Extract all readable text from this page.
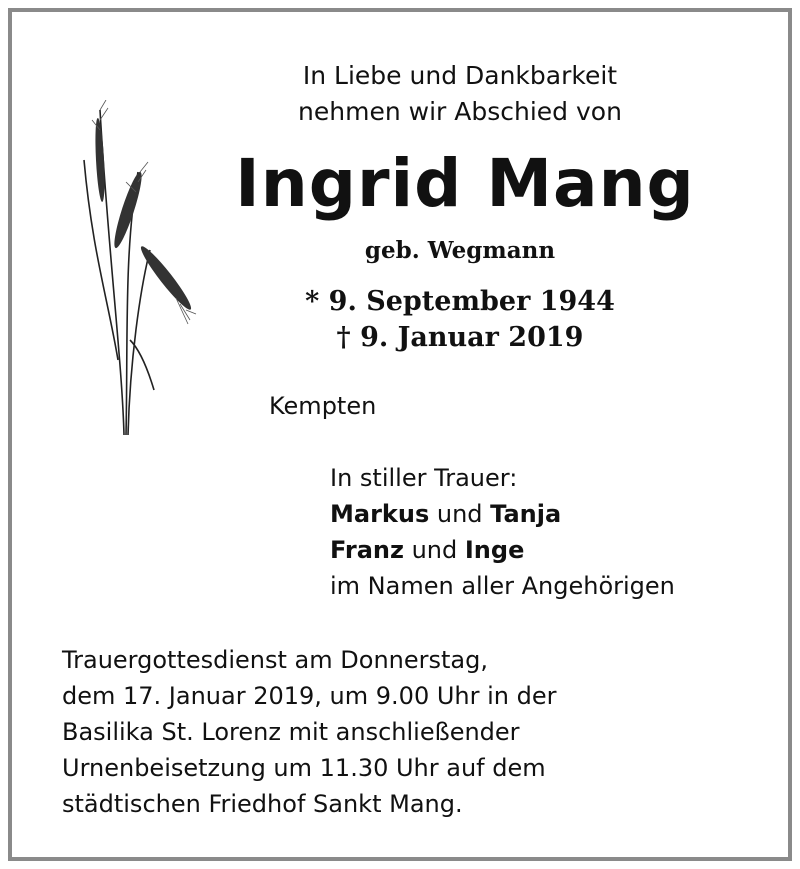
In Liebe und Dankbarkeit
nehmen wir Abschied von
Ingrid Mang
geb. Wegmann
* 9. September 1944
† 9. Januar 2019
Kempten
In stiller Trauer:
Markus und Tanja
Franz und Inge
im Namen aller Angehörigen
Trauergottesdienst am Donnerstag,
dem 17. Januar 2019, um 9.00 Uhr in der
Basilika St. Lorenz mit anschließender
Urnenbeisetzung um 11.30 Uhr auf dem
städtischen Friedhof Sankt Mang.
